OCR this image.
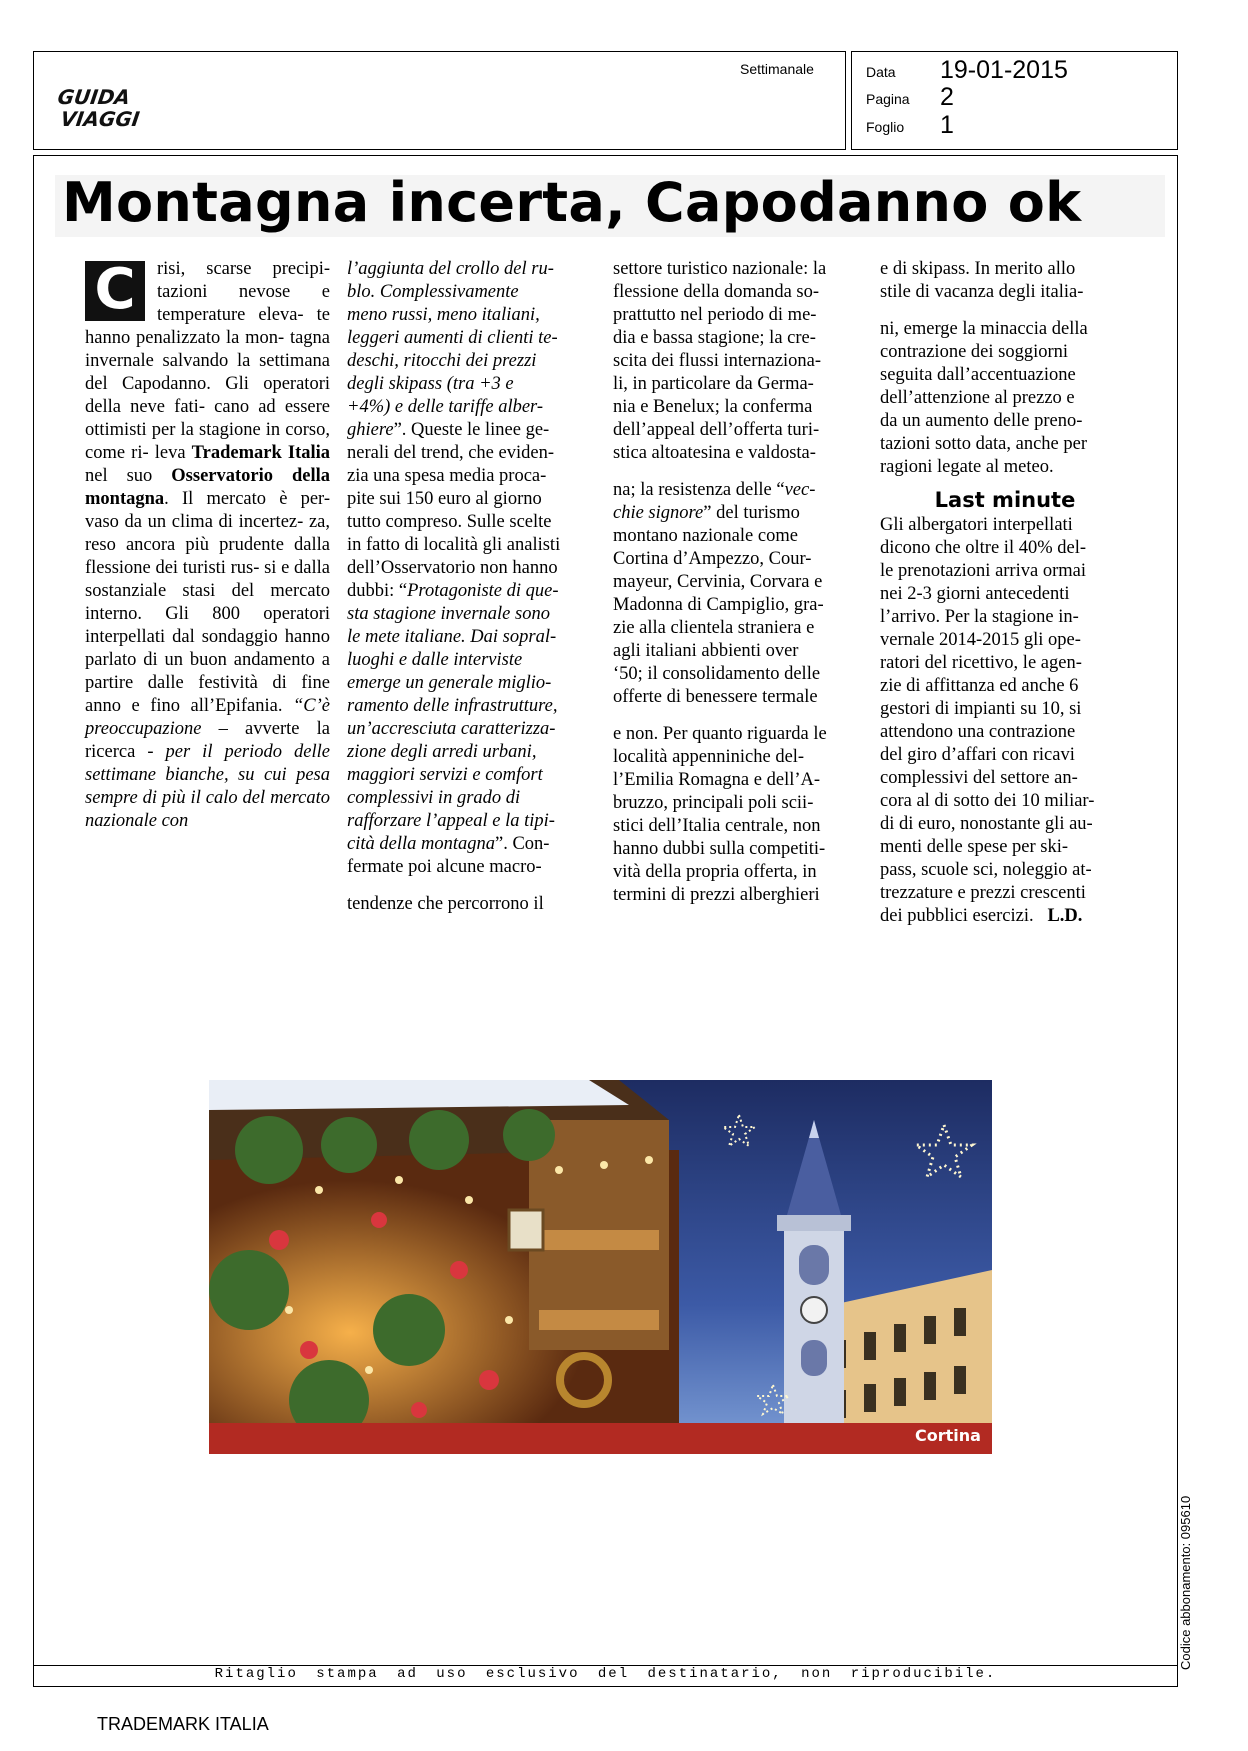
GUIDA
VIAGGI
Settimanale	Data 19-01-2015
Pagina 2
Foglio 1
Montagna incerta, Capodanno ok

C	risi, scarse precipi- tazioni nevose e temperature eleva- te hanno penalizzato la mon- tagna invernale salvando la settimana del Capodanno. Gli operatori della neve fati- cano ad essere ottimisti per la stagione in corso, come ri- leva Trademark Italia nel suo Osservatorio della montagna. Il mercato è per- vaso da un clima di incertez- za, reso ancora più prudente dalla flessione dei turisti rus- si e dalla sostanziale stasi del mercato interno. Gli 800 operatori interpellati dal sondaggio hanno parlato di un buon andamento a partire dalle festività di fine anno e fino all’Epifania. “C’è preoccupazione – avverte la ricerca - per il periodo delle settimane bianche, su cui pesa sempre di più il calo del mercato nazionale con

l’aggiunta del crollo del ru-
blo. Complessivamente
meno russi, meno italiani,
leggeri aumenti di clienti te-
deschi, ritocchi dei prezzi
degli skipass (tra +3 e
+4%) e delle tariffe alber-
ghiere”. Queste le linee ge-
nerali del trend, che eviden-
zia una spesa media proca-
pite sui 150 euro al giorno
tutto compreso. Sulle scelte
in fatto di località gli analisti
dell’Osservatorio non hanno
dubbi: “Protagoniste di que-
sta stagione invernale sono
le mete italiane. Dai sopral-
luoghi e dalle interviste
emerge un generale miglio-
ramento delle infrastrutture,
un’accresciuta caratterizza-
zione degli arredi urbani,
maggiori servizi e comfort
complessivi in grado di
rafforzare l’appeal e la tipi-
cità della montagna”. Con-
fermate poi alcune macro-
tendenze che percorrono il
settore turistico nazionale: la
flessione della domanda so-
prattutto nel periodo di me-
dia e bassa stagione; la cre-
scita dei flussi internaziona-
li, in particolare da Germa-
nia e Benelux; la conferma
dell’appeal dell’offerta turi-
stica altoatesina e valdosta-
na; la resistenza delle “vec-
chie signore” del turismo
montano nazionale come
Cortina d’Ampezzo, Cour-
mayeur, Cervinia, Corvara e
Madonna di Campiglio, gra-
zie alla clientela straniera e
agli italiani abbienti over
‘50; il consolidamento delle
offerte di benessere termale
e non. Per quanto riguarda le
località appenniniche del-
l’Emilia Romagna e dell’A-
bruzzo, principali poli scii-
stici dell’Italia centrale, non
hanno dubbi sulla competiti-
vità della propria offerta, in
termini di prezzi alberghieri
e di skipass. In merito allo
stile di vacanza degli italia-
ni, emerge la minaccia della
contrazione dei soggiorni
seguita dall’accentuazione
dell’attenzione al prezzo e
da un aumento delle preno-
tazioni sotto data, anche per
ragioni legate al meteo.
Last minute
Gli albergatori interpellati
dicono che oltre il 40% del-
le prenotazioni arriva ormai
nei 2-3 giorni antecedenti
l’arrivo. Per la stagione in-
vernale 2014-2015 gli ope-
ratori del ricettivo, le agen-
zie di affittanza ed anche 6
gestori di impianti su 10, si
attendono una contrazione
del giro d’affari con ricavi
complessivi del settore an-
cora al di sotto dei 10 miliar-
di di euro, nonostante gli au-
menti delle spese per ski-
pass, scuole sci, noleggio at-
trezzature e prezzi crescenti
dei pubblici esercizi. L.D.
Cortina
Ritaglio stampa ad uso esclusivo del destinatario, non riproducibile.
Codice abbonamento: 095610
TRADEMARK ITALIA
